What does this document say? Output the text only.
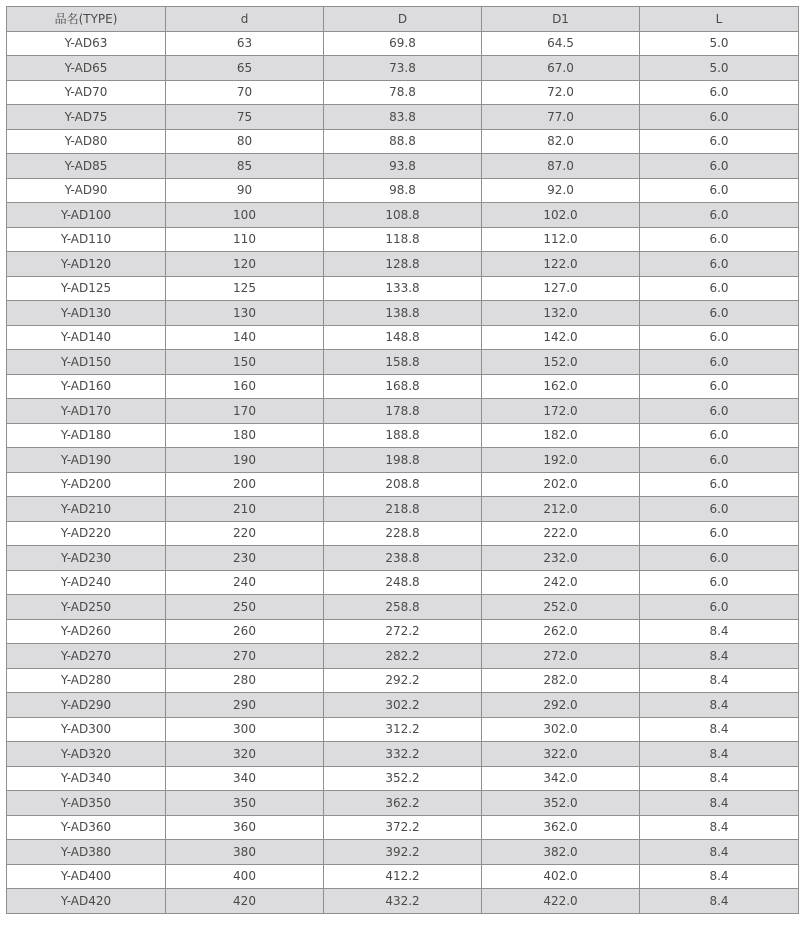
品名(TYPE)	d	D	D1	L
Y-AD63	63	69.8	64.5	5.0
Y-AD65	65	73.8	67.0	5.0
Y-AD70	70	78.8	72.0	6.0
Y-AD75	75	83.8	77.0	6.0
Y-AD80	80	88.8	82.0	6.0
Y-AD85	85	93.8	87.0	6.0
Y-AD90	90	98.8	92.0	6.0
Y-AD100	100	108.8	102.0	6.0
Y-AD110	110	118.8	112.0	6.0
Y-AD120	120	128.8	122.0	6.0
Y-AD125	125	133.8	127.0	6.0
Y-AD130	130	138.8	132.0	6.0
Y-AD140	140	148.8	142.0	6.0
Y-AD150	150	158.8	152.0	6.0
Y-AD160	160	168.8	162.0	6.0
Y-AD170	170	178.8	172.0	6.0
Y-AD180	180	188.8	182.0	6.0
Y-AD190	190	198.8	192.0	6.0
Y-AD200	200	208.8	202.0	6.0
Y-AD210	210	218.8	212.0	6.0
Y-AD220	220	228.8	222.0	6.0
Y-AD230	230	238.8	232.0	6.0
Y-AD240	240	248.8	242.0	6.0
Y-AD250	250	258.8	252.0	6.0
Y-AD260	260	272.2	262.0	8.4
Y-AD270	270	282.2	272.0	8.4
Y-AD280	280	292.2	282.0	8.4
Y-AD290	290	302.2	292.0	8.4
Y-AD300	300	312.2	302.0	8.4
Y-AD320	320	332.2	322.0	8.4
Y-AD340	340	352.2	342.0	8.4
Y-AD350	350	362.2	352.0	8.4
Y-AD360	360	372.2	362.0	8.4
Y-AD380	380	392.2	382.0	8.4
Y-AD400	400	412.2	402.0	8.4
Y-AD420	420	432.2	422.0	8.4
